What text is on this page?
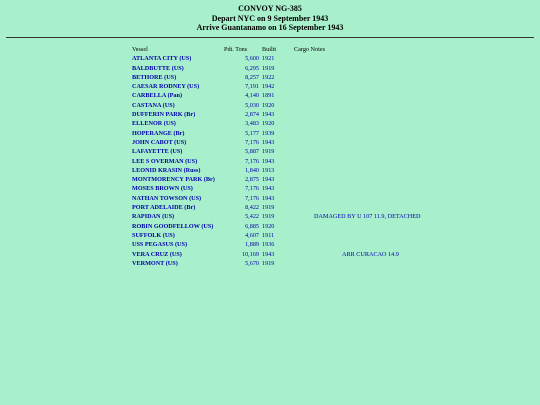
CONVOY NG-385
Depart NYC on 9 September 1943
Arrive Guantanamo on 16 September 1943
Vessel	Pdt. Tons	Builtt	Cargo Notes
ATLANTA CITY (US)	5,600	1921	
BALDBUTTE (US)	6,295	1919	
BETHORE (US)	8,257	1922	
CAESAR RODNEY (US)	7,191	1942	
CARBELLA (Pan)	4,140	1891	
CASTANA (US)	5,030	1920	
DUFFERIN PARK (Br)	2,874	1943	
ELLENOR (US)	3,483	1920	
HOPERANGE (Br)	5,177	1939	
JOHN CABOT (US)	7,176	1943	
LAFAYETTE (US)	5,887	1919	
LEE S OVERMAN (US)	7,176	1943	
LEONID KRASIN (Russ)	1,840	1913	
MONTMORENCY PARK (Br)	2,875	1943	
MOSES BROWN (US)	7,176	1943	
NATHAN TOWSON (US)	7,176	1943	
PORT ADELAIDE (Br)	8,422	1919	
RAPIDAN (US)	5,422	1919	DAMAGED BY U 107 11.9, DETACHED
ROBIN GOODFELLOW (US)	6,885	1920	
SUFFOLK (US)	4,607	1911	
USS PEGASUS (US)	1,889	1936	
VERA CRUZ (US)	10,169	1943	ARR CURACAO 14.9
VERMONT (US)	5,670	1919	
